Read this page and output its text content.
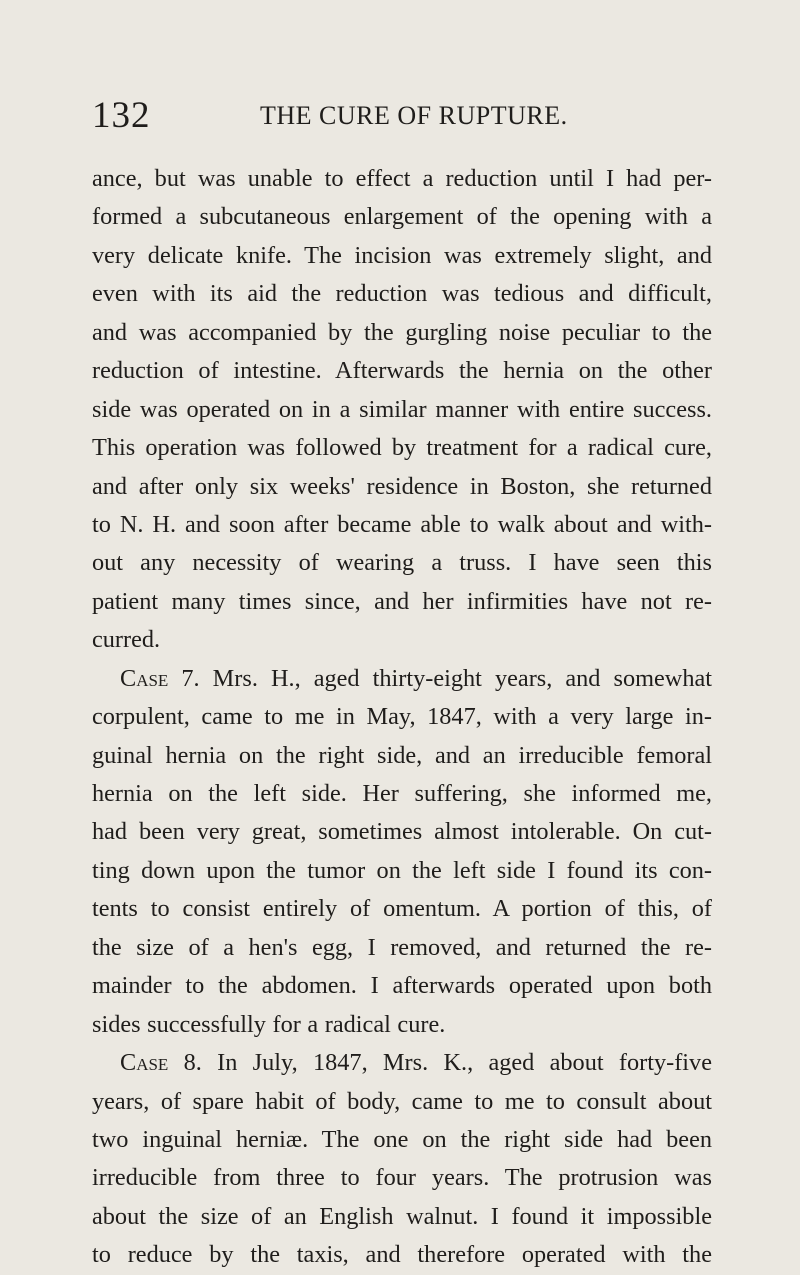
132	THE CURE OF RUPTURE.
ance, but was unable to effect a reduction until I had per-
formed a subcutaneous enlargement of the opening with a
very delicate knife. The incision was extremely slight, and
even with its aid the reduction was tedious and difficult,
and was accompanied by the gurgling noise peculiar to the
reduction of intestine. Afterwards the hernia on the other
side was operated on in a similar manner with entire success.
This operation was followed by treatment for a radical cure,
and after only six weeks' residence in Boston, she returned
to N. H. and soon after became able to walk about and with-
out any necessity of wearing a truss. I have seen this
patient many times since, and her infirmities have not re-
curred.
Case 7. Mrs. H., aged thirty-eight years, and somewhat
corpulent, came to me in May, 1847, with a very large in-
guinal hernia on the right side, and an irreducible femoral
hernia on the left side. Her suffering, she informed me,
had been very great, sometimes almost intolerable. On cut-
ting down upon the tumor on the left side I found its con-
tents to consist entirely of omentum. A portion of this, of
the size of a hen's egg, I removed, and returned the re-
mainder to the abdomen. I afterwards operated upon both
sides successfully for a radical cure.
Case 8. In July, 1847, Mrs. K., aged about forty-five
years, of spare habit of body, came to me to consult about
two inguinal herniæ. The one on the right side had been
irreducible from three to four years. The protrusion was
about the size of an English walnut. I found it impossible
to reduce by the taxis, and therefore operated with the
